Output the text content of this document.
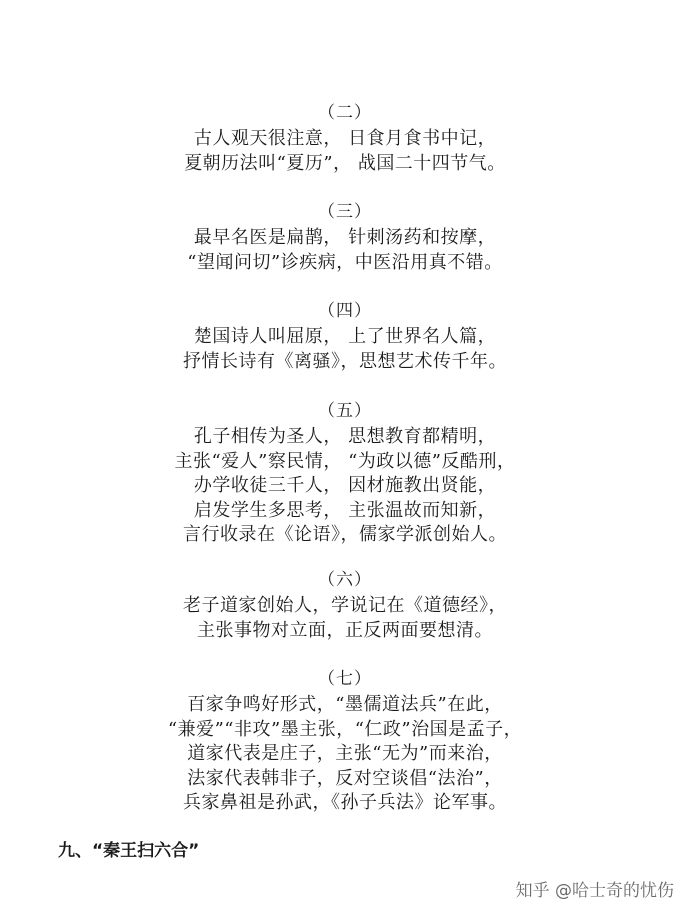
（二）
古人观天很注意， 日食月食书中记，
夏朝历法叫“夏历”， 战国二十四节气。
（三）
最早名医是扁鹊， 针刺汤药和按摩，
“望闻问切”诊疾病，中医沿用真不错。
（四）
楚国诗人叫屈原， 上了世界名人篇，
抒情长诗有《离骚》，思想艺术传千年。
（五）
孔子相传为圣人， 思想教育都精明，
主张“爱人”察民情， “为政以德”反酷刑，
办学收徒三千人， 因材施教出贤能，
启发学生多思考， 主张温故而知新，
言行收录在《论语》，儒家学派创始人。
（六）
老子道家创始人，学说记在《道德经》，
主张事物对立面，正反两面要想清。
（七）
百家争鸣好形式，“墨儒道法兵”在此，
“兼爱”“非攻”墨主张，“仁政”治国是孟子，
道家代表是庄子，主张“无为”而来治，
法家代表韩非子，反对空谈倡“法治”，
兵家鼻祖是孙武，《孙子兵法》论军事。
九、“秦王扫六合”
知乎 @哈士奇的忧伤
